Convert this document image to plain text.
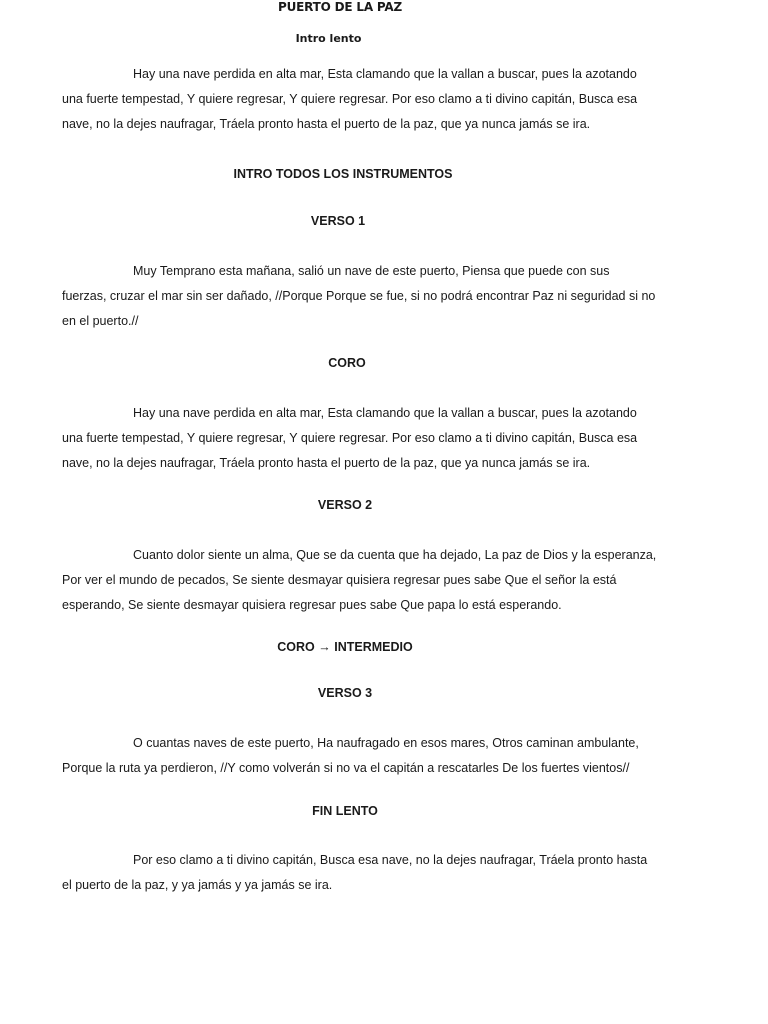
PUERTO DE LA PAZ
Intro lento
Hay una nave perdida en alta mar, Esta clamando que la vallan a buscar, pues la azotando
una fuerte tempestad, Y quiere regresar, Y quiere regresar. Por eso clamo a ti divino capitán, Busca esa
nave, no la dejes naufragar, Tráela pronto hasta el puerto de la paz, que ya nunca jamás se ira.
INTRO TODOS LOS INSTRUMENTOS
VERSO 1
Muy Temprano esta mañana, salió un nave de este puerto, Piensa que puede con sus
fuerzas, cruzar el mar sin ser dañado, //Porque Porque se fue, si no podrá encontrar Paz ni seguridad si no
en el puerto.//
CORO
Hay una nave perdida en alta mar, Esta clamando que la vallan a buscar, pues la azotando
una fuerte tempestad, Y quiere regresar, Y quiere regresar. Por eso clamo a ti divino capitán, Busca esa
nave, no la dejes naufragar, Tráela pronto hasta el puerto de la paz, que ya nunca jamás se ira.
VERSO 2
Cuanto dolor siente un alma, Que se da cuenta que ha dejado, La paz de Dios y la esperanza,
Por ver el mundo de pecados, Se siente desmayar quisiera regresar pues sabe Que el señor la está
esperando, Se siente desmayar quisiera regresar pues sabe Que papa lo está esperando.
CORO → INTERMEDIO
VERSO 3
O cuantas naves de este puerto, Ha naufragado en esos mares, Otros caminan ambulante,
Porque la ruta ya perdieron, //Y como volverán si no va el capitán a rescatarles De los fuertes vientos//
FIN LENTO
Por eso clamo a ti divino capitán, Busca esa nave, no la dejes naufragar, Tráela pronto hasta
el puerto de la paz, y ya jamás y ya jamás se ira.
